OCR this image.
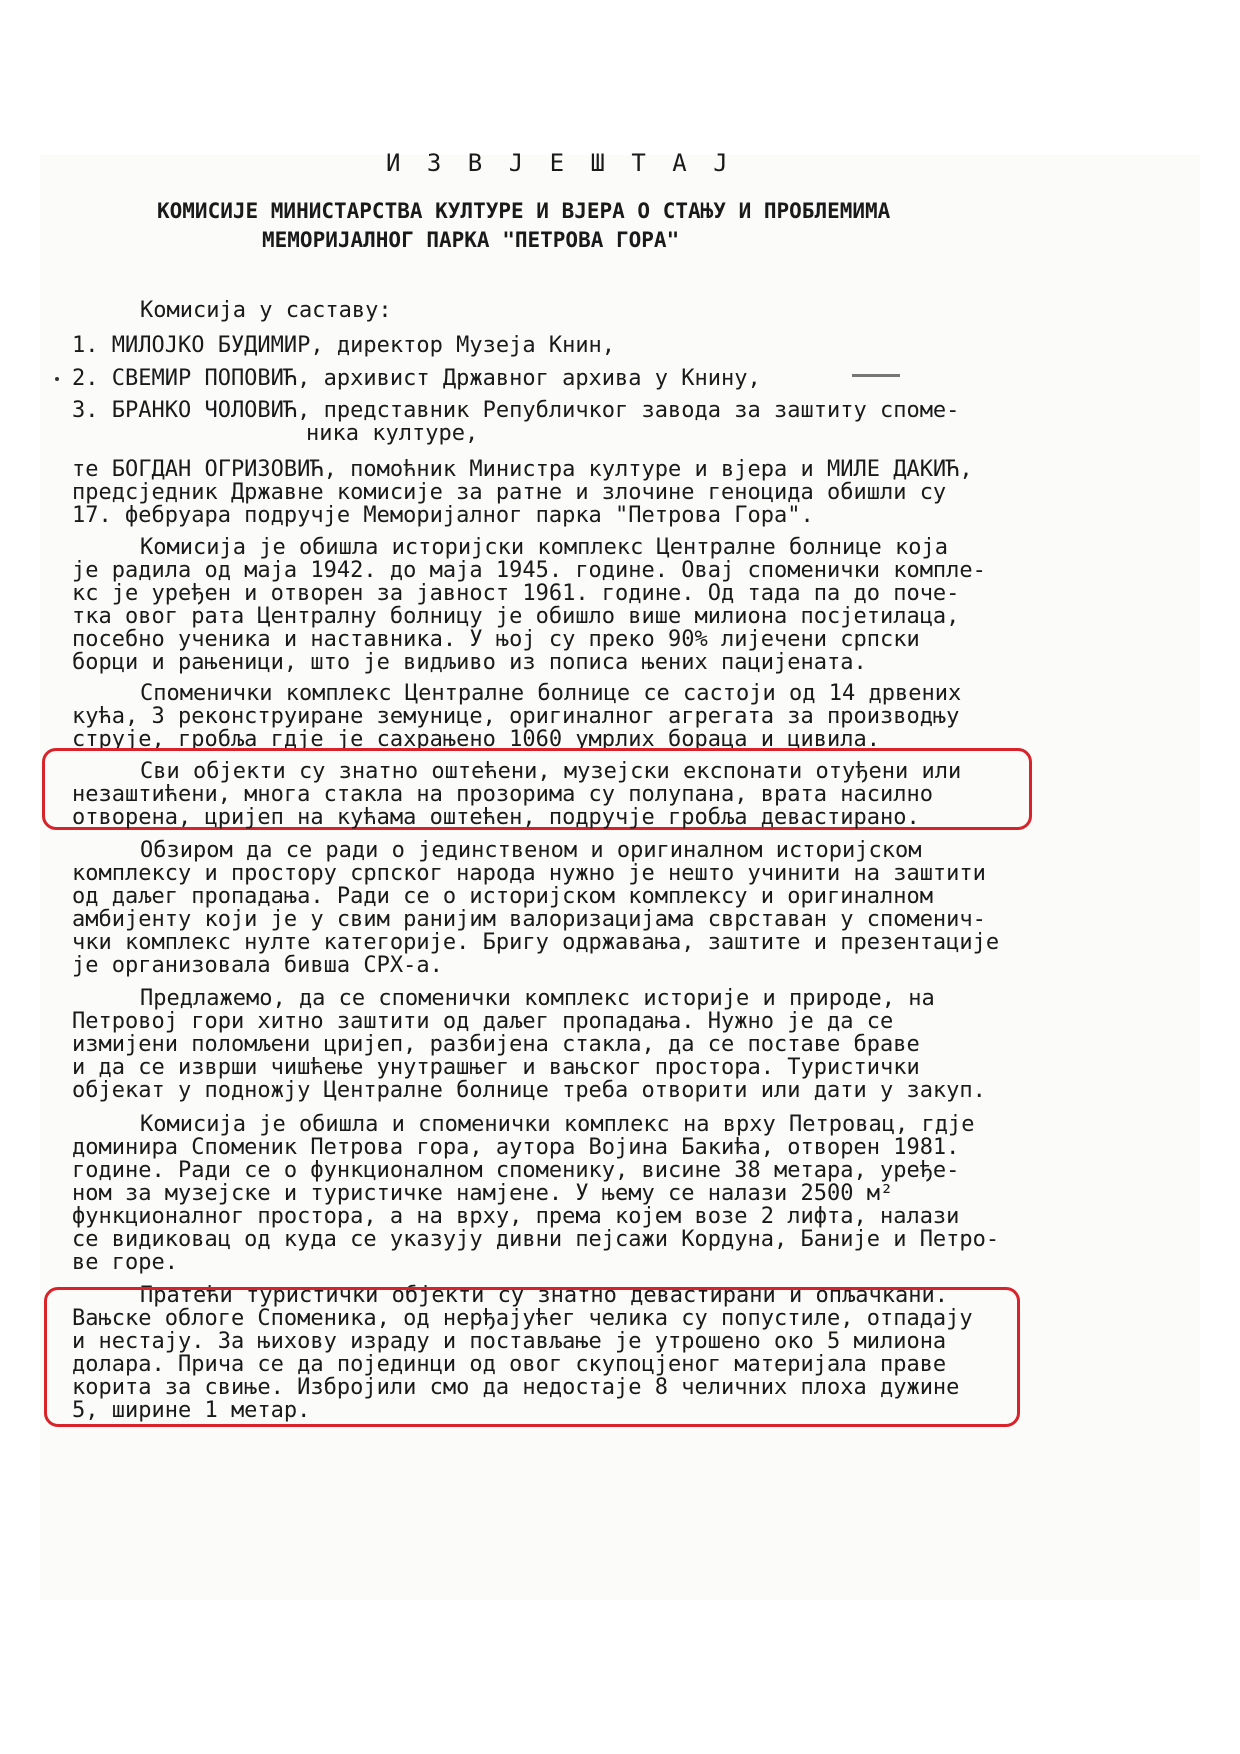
И З В Ј Е Ш Т А Ј
КОМИСИЈЕ МИНИСТАРСТВА КУЛТУРЕ И ВЈЕРА О СТАЊУ И ПРОБЛЕМИМА
МЕМОРИЈАЛНОГ ПАРКА "ПЕТРОВА ГОРА"
Комисија у саставу:
1. МИЛОЈКО БУДИМИР, директор Музеја Книн,
2. СВЕМИР ПОПОВИЋ, архивист Државног архива у Книну,
3. БРАНКО ЧОЛОВИЋ, представник Републичког завода за заштиту споме-
ника културе,
те БОГДАН ОГРИЗОВИЋ, помоћник Министра културе и вјера и МИЛЕ ДАКИЋ,
предсједник Државне комисије за ратне и злочине геноцида обишли су
17. фебруара подручје Меморијалног парка "Петрова Гора".
Комисија је обишла историјски комплекс Централне болнице која
је радила од маја 1942. до маја 1945. године. Овај споменички комплe-
кс је уређен и отворен за јавност 1961. године. Од тада па до поче-
тка овог рата Централну болницу је обишло више милиона посјетилаца,
посебно ученика и наставника. У њој су преко 90% лијечени српски
борци и рањеници, што је видљиво из пописа њених пацијената.
Споменички комплекс Централне болнице се састоји од 14 дрвених
кућа, 3 реконструиране земунице, оригиналног агрегата за производњу
струје, гробља гдје је сахрањено 1060 умрлих бораца и цивила.
Сви објекти су знатно оштећени, музејски експонати отуђени или
незаштићени, многа стакла на прозорима су полупана, врата насилно
отворена, цријеп на кућама оштећен, подручје гробља девастирано.
Обзиром да се ради о јединственом и оригиналном историјском
комплексу и простору српског народа нужно је нешто учинити на заштити
од даљег пропадања. Ради се о историјском комплексу и оригиналном
амбијенту који је у свим ранијим валоризацијама сврставан у споменич-
чки комплекс нулте категорије. Бригу одржавања, заштите и презентације
је организовала бивша СРХ-а.
Предлажемо, да се споменички комплекс историје и природе, на
Петровој гори хитно заштити од даљег пропадања. Нужно је да се
измијени поломљени цријеп, разбијена стакла, да се поставе браве
и да се изврши чишћење унутрашњег и вањског простора. Туристички
објекат у подножју Централне болнице треба отворити или дати у закуп.
Комисија је обишла и споменички комплекс на врху Петровац, гдје
доминира Споменик Петрова гора, аутора Војина Бакића, отворен 1981.
године. Ради се о функционалном споменику, висине 38 метара, уређе-
ном за музејске и туристичке намјене. У њему се налази 2500 м²
функционалног простора, а на врху, према којем возе 2 лифта, налази
се видиковац од куда се указују дивни пејсажи Кордуна, Баније и Петро-
ве горе.
Пратећи туристички објекти су знатно девастирани и опљачкани.
Вањске облоге Споменика, од нерђајућег челика су попустиле, отпадају
и нестају. За њихову израду и постављање је утрошено око 5 милиона
долара. Прича се да појединци од овог скупоцјеног материјала праве
корита за свиње. Избројили смо да недостаје 8 челичних плоха дужине
5, ширине 1 метар.
